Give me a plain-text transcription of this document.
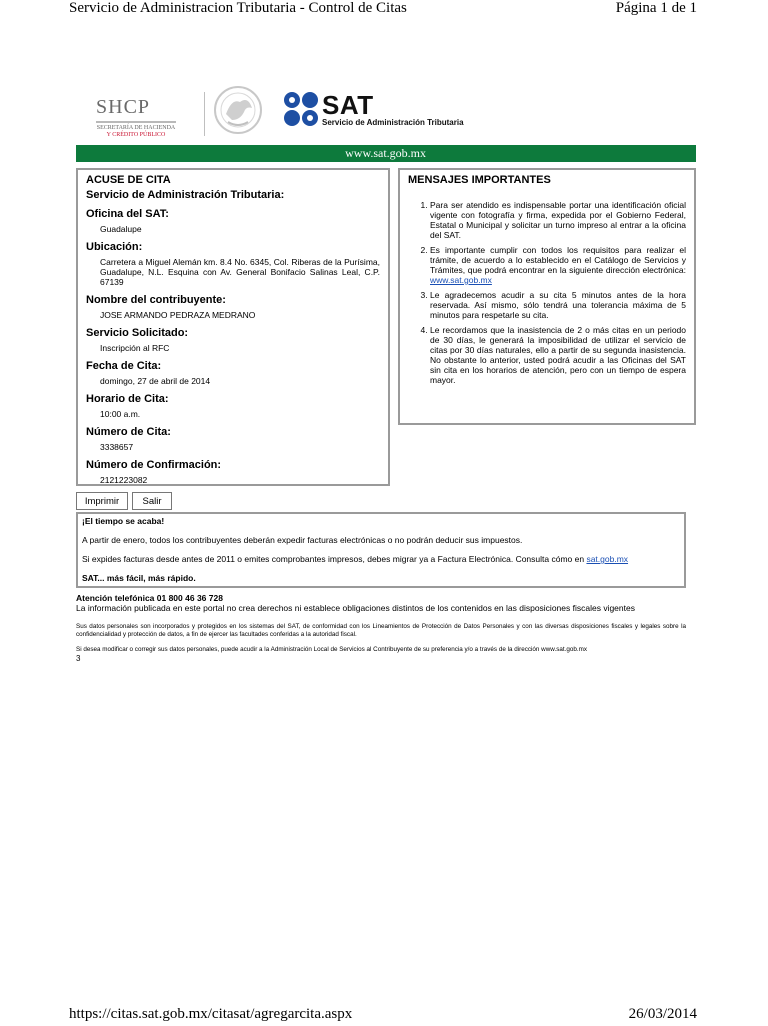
Servicio de Administracion Tributaria - Control de Citas	Página 1 de 1
SHCP
SECRETARÍA DE HACIENDA
Y CRÉDITO PÚBLICO
SAT
Servicio de Administración Tributaria
www.sat.gob.mx
ACUSE DE CITA
Servicio de Administración Tributaria:
Oficina del SAT:
Guadalupe
Ubicación:
Carretera a Miguel Alemán km. 8.4 No. 6345, Col. Riberas de la Purísima, Guadalupe, N.L. Esquina con Av. General Bonifacio Salinas Leal, C.P. 67139
Nombre del contribuyente:
JOSE ARMANDO PEDRAZA MEDRANO
Servicio Solicitado:
Inscripción al RFC
Fecha de Cita:
domingo, 27 de abril de 2014
Horario de Cita:
10:00 a.m.
Número de Cita:
3338657
Número de Confirmación:
2121223082
MENSAJES IMPORTANTES
1. Para ser atendido es indispensable portar una identificación oficial vigente con fotografía y firma, expedida por el Gobierno Federal, Estatal o Municipal y solicitar un turno impreso al entrar a la oficina del SAT.
2. Es importante cumplir con todos los requisitos para realizar el trámite, de acuerdo a lo establecido en el Catálogo de Servicios y Trámites, que podrá encontrar en la siguiente dirección electrónica: www.sat.gob.mx
3. Le agradecemos acudir a su cita 5 minutos antes de la hora reservada. Así mismo, sólo tendrá una tolerancia máxima de 5 minutos para respetarle su cita.
4. Le recordamos que la inasistencia de 2 o más citas en un periodo de 30 días, le generará la imposibilidad de utilizar el servicio de citas por 30 días naturales, ello a partir de su segunda inasistencia. No obstante lo anterior, usted podrá acudir a las Oficinas del SAT sin cita en los horarios de atención, pero con un tiempo de espera mayor.
Imprimir	Salir

¡El tiempo se acaba!

A partir de enero, todos los contribuyentes deberán expedir facturas electrónicas o no podrán deducir sus impuestos.

Si expides facturas desde antes de 2011 o emites comprobantes impresos, debes migrar ya a Factura Electrónica. Consulta cómo en sat.gob.mx

SAT... más fácil, más rápido.

Atención telefónica 01 800 46 36 728
La información publicada en este portal no crea derechos ni establece obligaciones distintos de los contenidos en las disposiciones fiscales vigentes
Sus datos personales son incorporados y protegidos en los sistemas del SAT, de conformidad con los Lineamientos de Protección de Datos Personales y con las diversas disposiciones fiscales y legales sobre la confidencialidad y protección de datos, a fin de ejercer las facultades conferidas a la autoridad fiscal.
Si desea modificar o corregir sus datos personales, puede acudir a la Administración Local de Servicios al Contribuyente de su preferencia y/o a través de la dirección www.sat.gob.mx
3
https://citas.sat.gob.mx/citasat/agregarcita.aspx	26/03/2014
